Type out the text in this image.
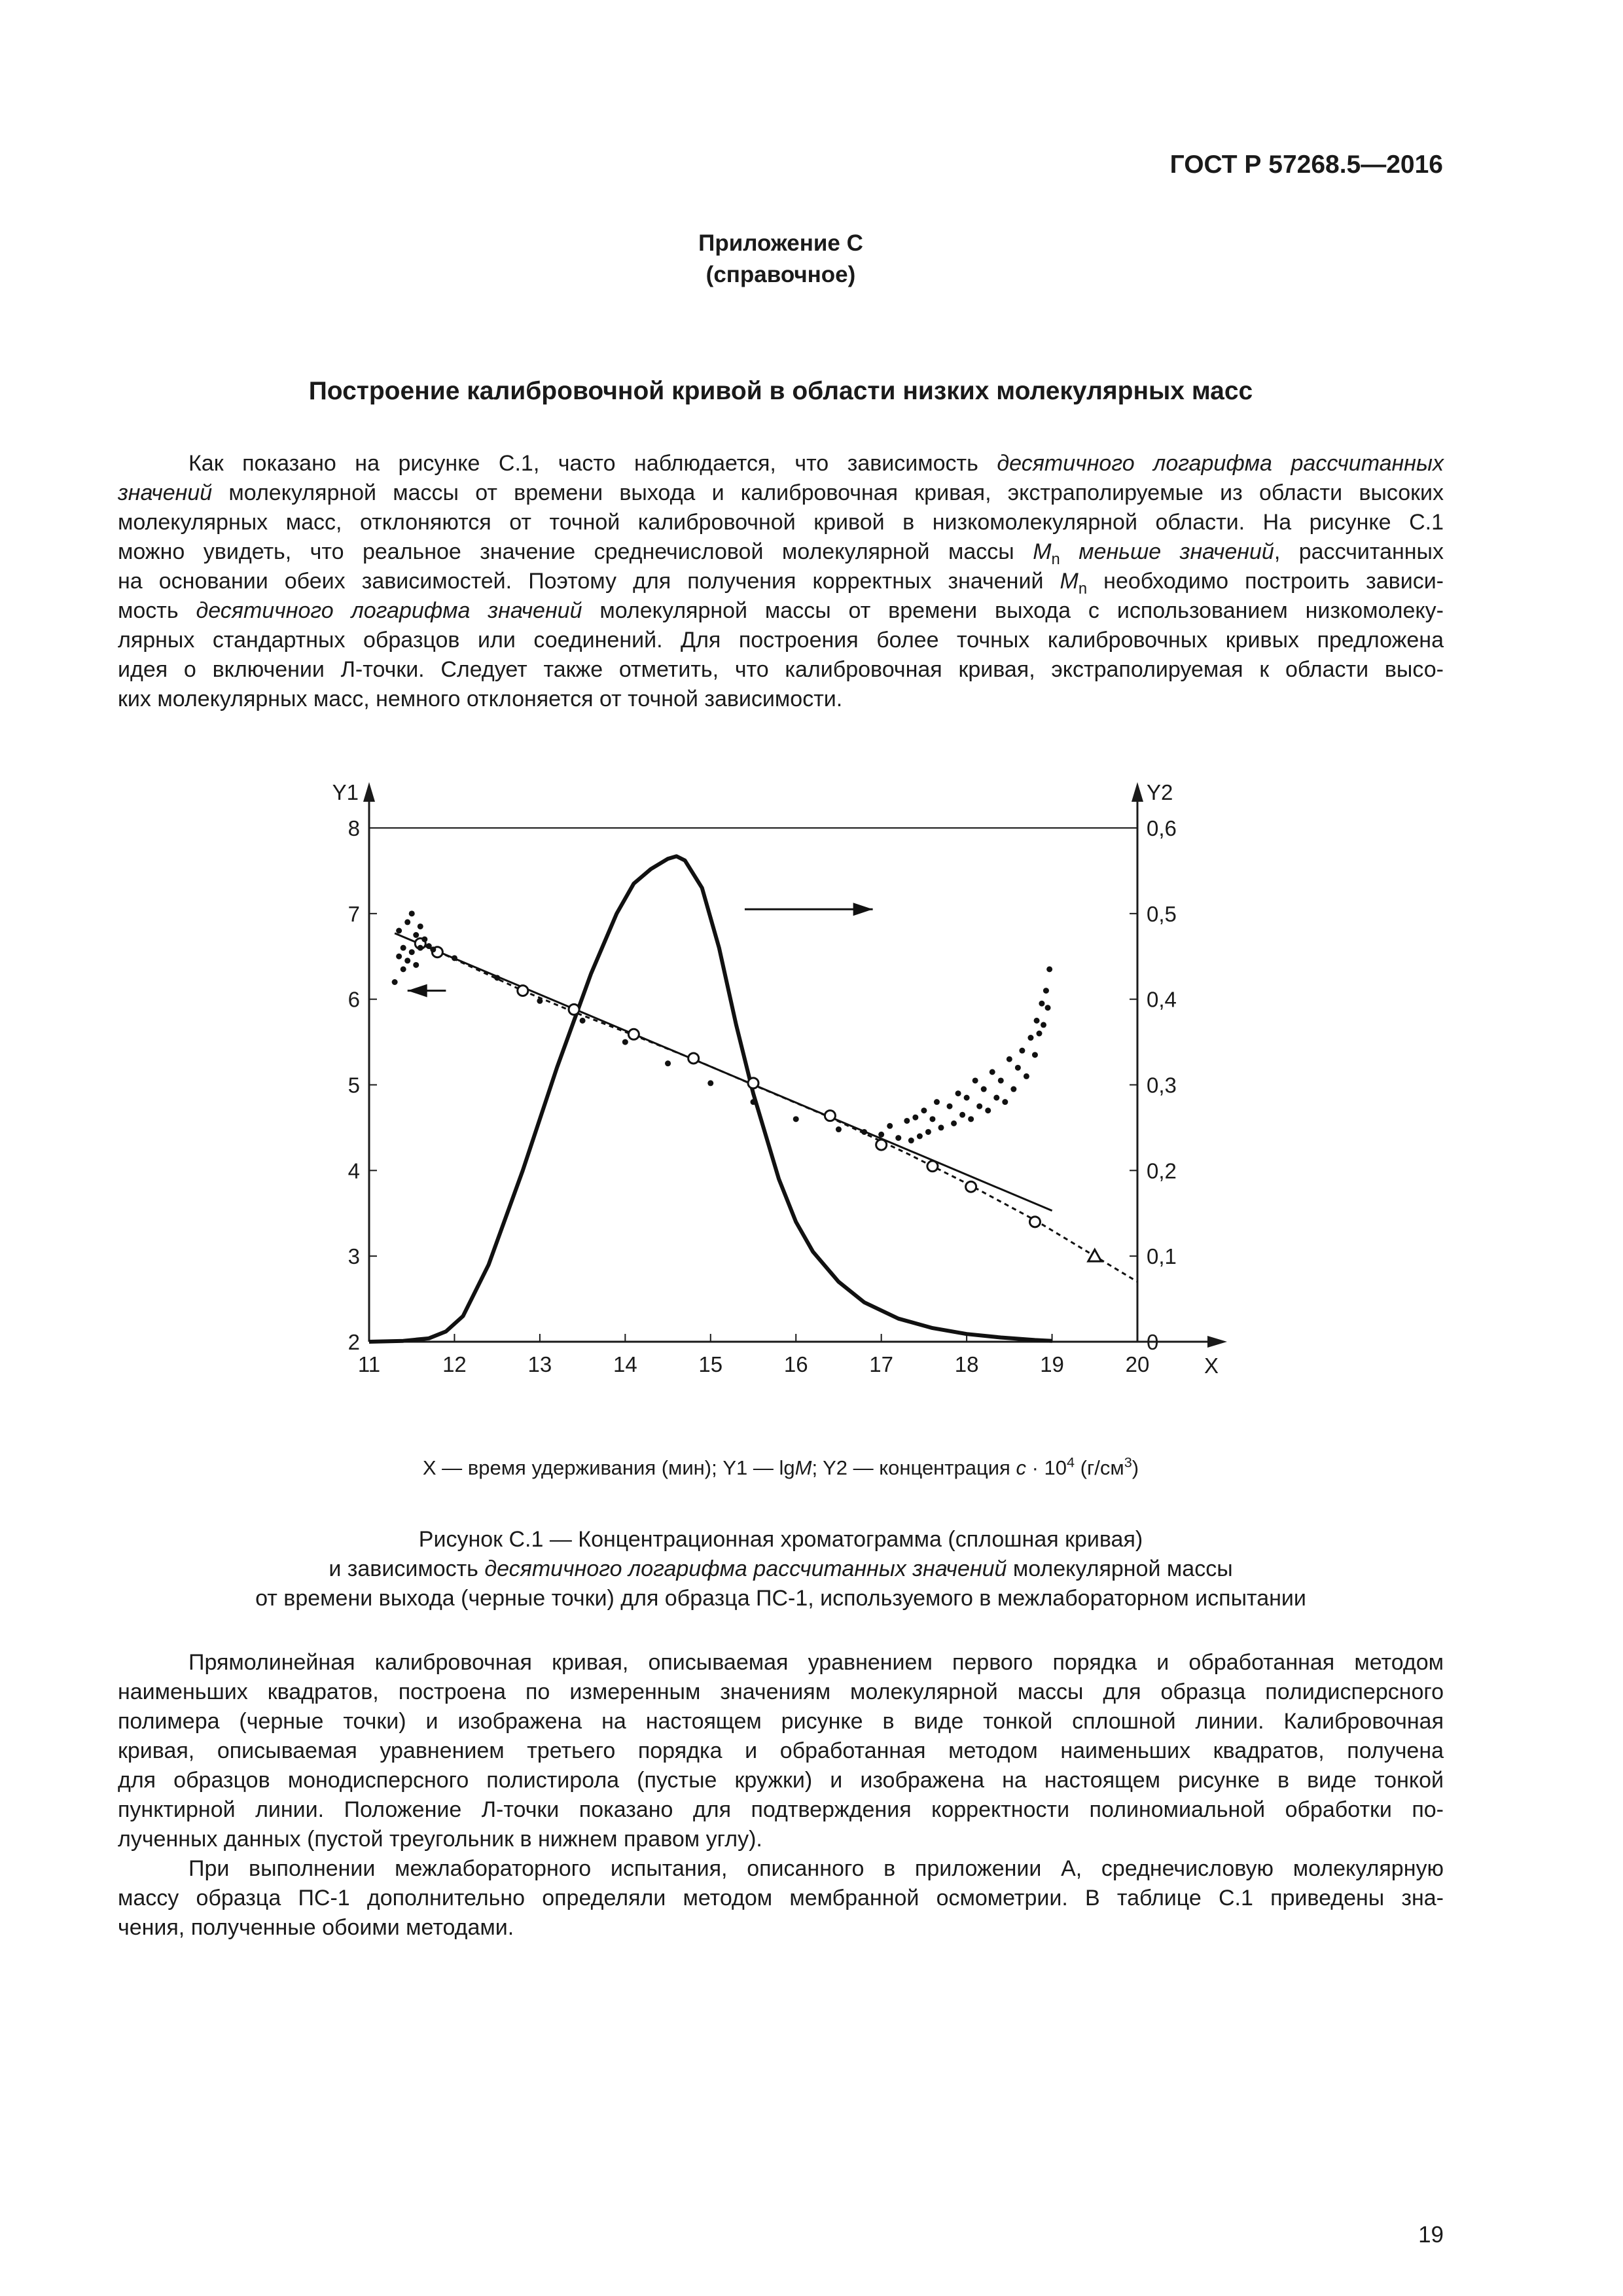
ГОСТ Р 57268.5—2016
Приложение С
(справочное)
Построение калибровочной кривой в области низких молекулярных масс

Как показано на рисунке С.1, часто наблюдается, что зависимость десятичного логарифма рассчитанных
значений молекулярной массы от времени выхода и калибровочная кривая, экстраполируемые из области высоких
молекулярных масс, отклоняются от точной калибровочной кривой в низкомолекулярной области. На рисунке С.1
можно увидеть, что реальное значение среднечисловой молекулярной массы $M_n$ меньше значений, рассчитанных
на основании обеих зависимостей. Поэтому для получения корректных значений $M_n$ необходимо построить зависи-
мость десятичного логарифма значений молекулярной массы от времени выхода с использованием низкомолеку-
лярных стандартных образцов или соединений. Для построения более точных калибровочных кривых предложена
идея о включении Л-точки. Следует также отметить, что калибровочная кривая, экстраполируемая к области высо-
ких молекулярных масс, немного отклоняется от точной зависимости.

Y1	Y2
X
11	12	13	14	15	16	17	18	19	20
2
3
4
5
6
7
8
0
0,1
0,2
0,3
0,4
0,5
0,6
X — время удерживания (мин); Y1 — lgM; Y2 — концентрация $c \cdot 10^4$ $(г/см^3)$
Рисунок С.1 — Концентрационная хроматограмма (сплошная кривая)
и зависимость десятичного логарифма рассчитанных значений молекулярной массы
от времени выхода (черные точки) для образца ПС-1, используемого в межлабораторном испытании

Прямолинейная калибровочная кривая, описываемая уравнением первого порядка и обработанная методом
наименьших квадратов, построена по измеренным значениям молекулярной массы для образца полидисперсного
полимера (черные точки) и изображена на настоящем рисунке в виде тонкой сплошной линии. Калибровочная
кривая, описываемая уравнением третьего порядка и обработанная методом наименьших квадратов, получена
для образцов монодисперсного полистирола (пустые кружки) и изображена на настоящем рисунке в виде тонкой
пунктирной линии. Положение Л-точки показано для подтверждения корректности полиномиальной обработки по-
лученных данных (пустой треугольник в нижнем правом углу).

При выполнении межлабораторного испытания, описанного в приложении А, среднечисловую молекулярную
массу образца ПС-1 дополнительно определяли методом мембранной осмометрии. В таблице С.1 приведены зна-
чения, полученные обоими методами.

19
